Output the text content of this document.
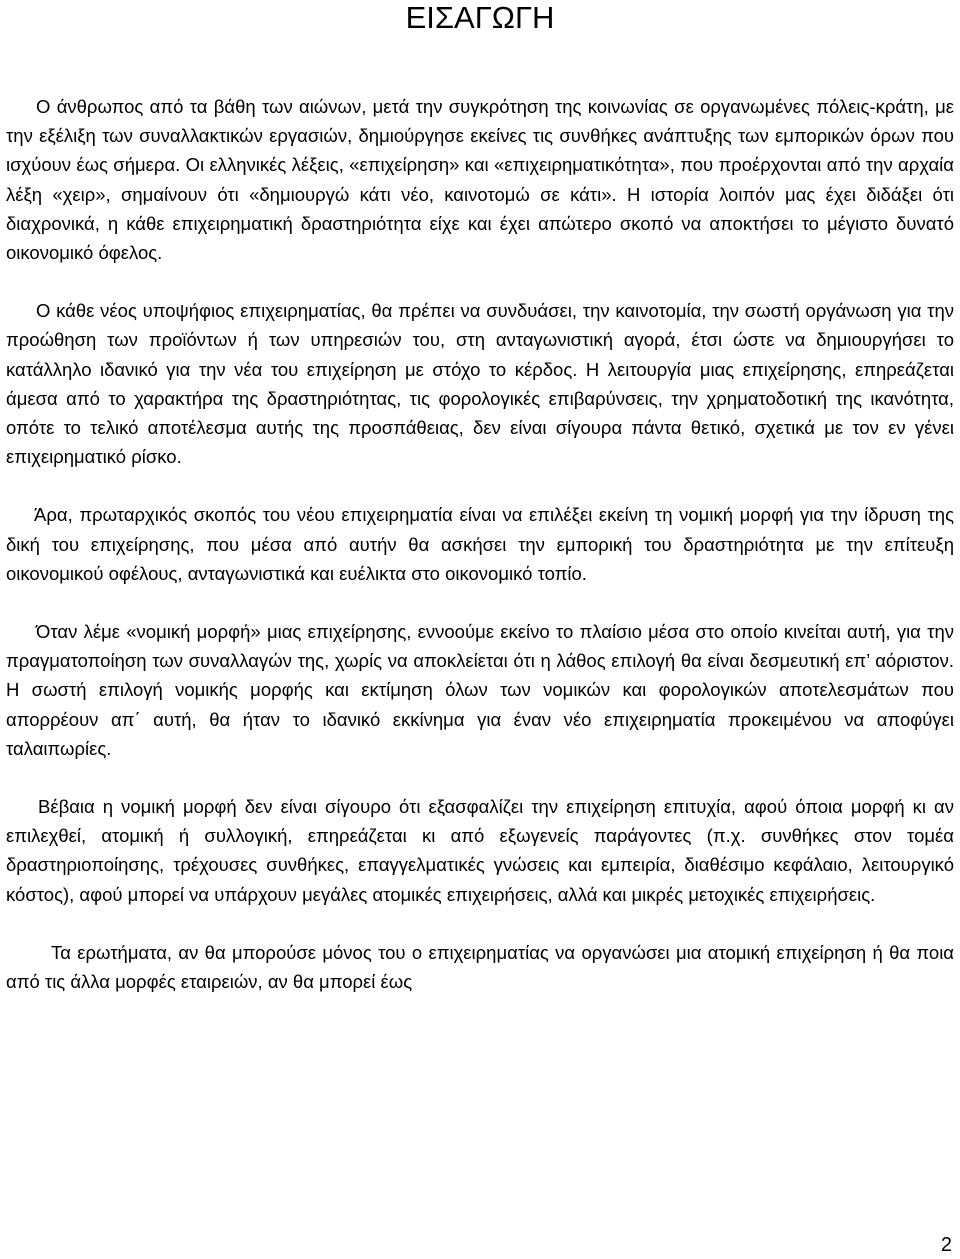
ΕΙΣΑΓΩΓΗ

Ο άνθρωπος από τα βάθη των αιώνων, μετά την συγκρότηση της κοινωνίας σε οργανωμένες πόλεις-κράτη, με την εξέλιξη των συναλλακτικών εργασιών, δημιούργησε εκείνες τις συνθήκες ανάπτυξης των εμπορικών όρων που ισχύουν έως σήμερα. Οι ελληνικές λέξεις, «επιχείρηση» και «επιχειρηματικότητα», που προέρχονται από την αρχαία λέξη «χειρ», σημαίνουν ότι «δημιουργώ κάτι νέο, καινοτομώ σε κάτι». Η ιστορία λοιπόν μας έχει διδάξει ότι διαχρονικά, η κάθε επιχειρηματική δραστηριότητα είχε και έχει απώτερο σκοπό να αποκτήσει το μέγιστο δυνατό οικονομικό όφελος.

Ο κάθε νέος υποψήφιος επιχειρηματίας, θα πρέπει να συνδυάσει, την καινοτομία, την σωστή οργάνωση για την προώθηση των προϊόντων ή των υπηρεσιών του, στη ανταγωνιστική αγορά, έτσι ώστε να δημιουργήσει το κατάλληλο ιδανικό για την νέα του επιχείρηση με στόχο το κέρδος. Η λειτουργία μιας επιχείρησης, επηρεάζεται άμεσα από το χαρακτήρα της δραστηριότητας, τις φορολογικές επιβαρύνσεις, την χρηματοδοτική της ικανότητα, οπότε το τελικό αποτέλεσμα αυτής της προσπάθειας, δεν είναι σίγουρα πάντα θετικό, σχετικά με τον εν γένει επιχειρηματικό ρίσκο.

Άρα, πρωταρχικός σκοπός του νέου επιχειρηματία είναι να επιλέξει εκείνη τη νομική μορφή για την ίδρυση της δική του επιχείρησης, που μέσα από αυτήν θα ασκήσει την εμπορική του δραστηριότητα με την επίτευξη οικονομικού οφέλους, ανταγωνιστικά και ευέλικτα στο οικονομικό τοπίο.

Όταν λέμε «νομική μορφή» μιας επιχείρησης, εννοούμε εκείνο το πλαίσιο μέσα στο οποίο κινείται αυτή, για την πραγματοποίηση των συναλλαγών της, χωρίς να αποκλείεται ότι η λάθος επιλογή θα είναι δεσμευτική επ’ αόριστον. Η σωστή επιλογή νομικής μορφής και εκτίμηση όλων των νομικών και φορολογικών αποτελεσμάτων που απορρέουν απ΄ αυτή, θα ήταν το ιδανικό εκκίνημα για έναν νέο επιχειρηματία προκειμένου να αποφύγει ταλαιπωρίες.

Βέβαια η νομική μορφή δεν είναι σίγουρο ότι εξασφαλίζει την επιχείρηση επιτυχία, αφού όποια μορφή κι αν επιλεχθεί, ατομική ή συλλογική, επηρεάζεται κι από εξωγενείς παράγοντες (π.χ. συνθήκες στον τομέα δραστηριοποίησης, τρέχουσες συνθήκες, επαγγελματικές γνώσεις και εμπειρία, διαθέσιμο κεφάλαιο, λειτουργικό κόστος), αφού μπορεί να υπάρχουν μεγάλες ατομικές επιχειρήσεις, αλλά και μικρές μετοχικές επιχειρήσεις.

Τα ερωτήματα, αν θα μπορούσε μόνος του ο επιχειρηματίας να οργανώσει μια ατομική επιχείρηση ή θα ποια από τις άλλα μορφές εταιρειών, αν θα μπορεί έως

2
